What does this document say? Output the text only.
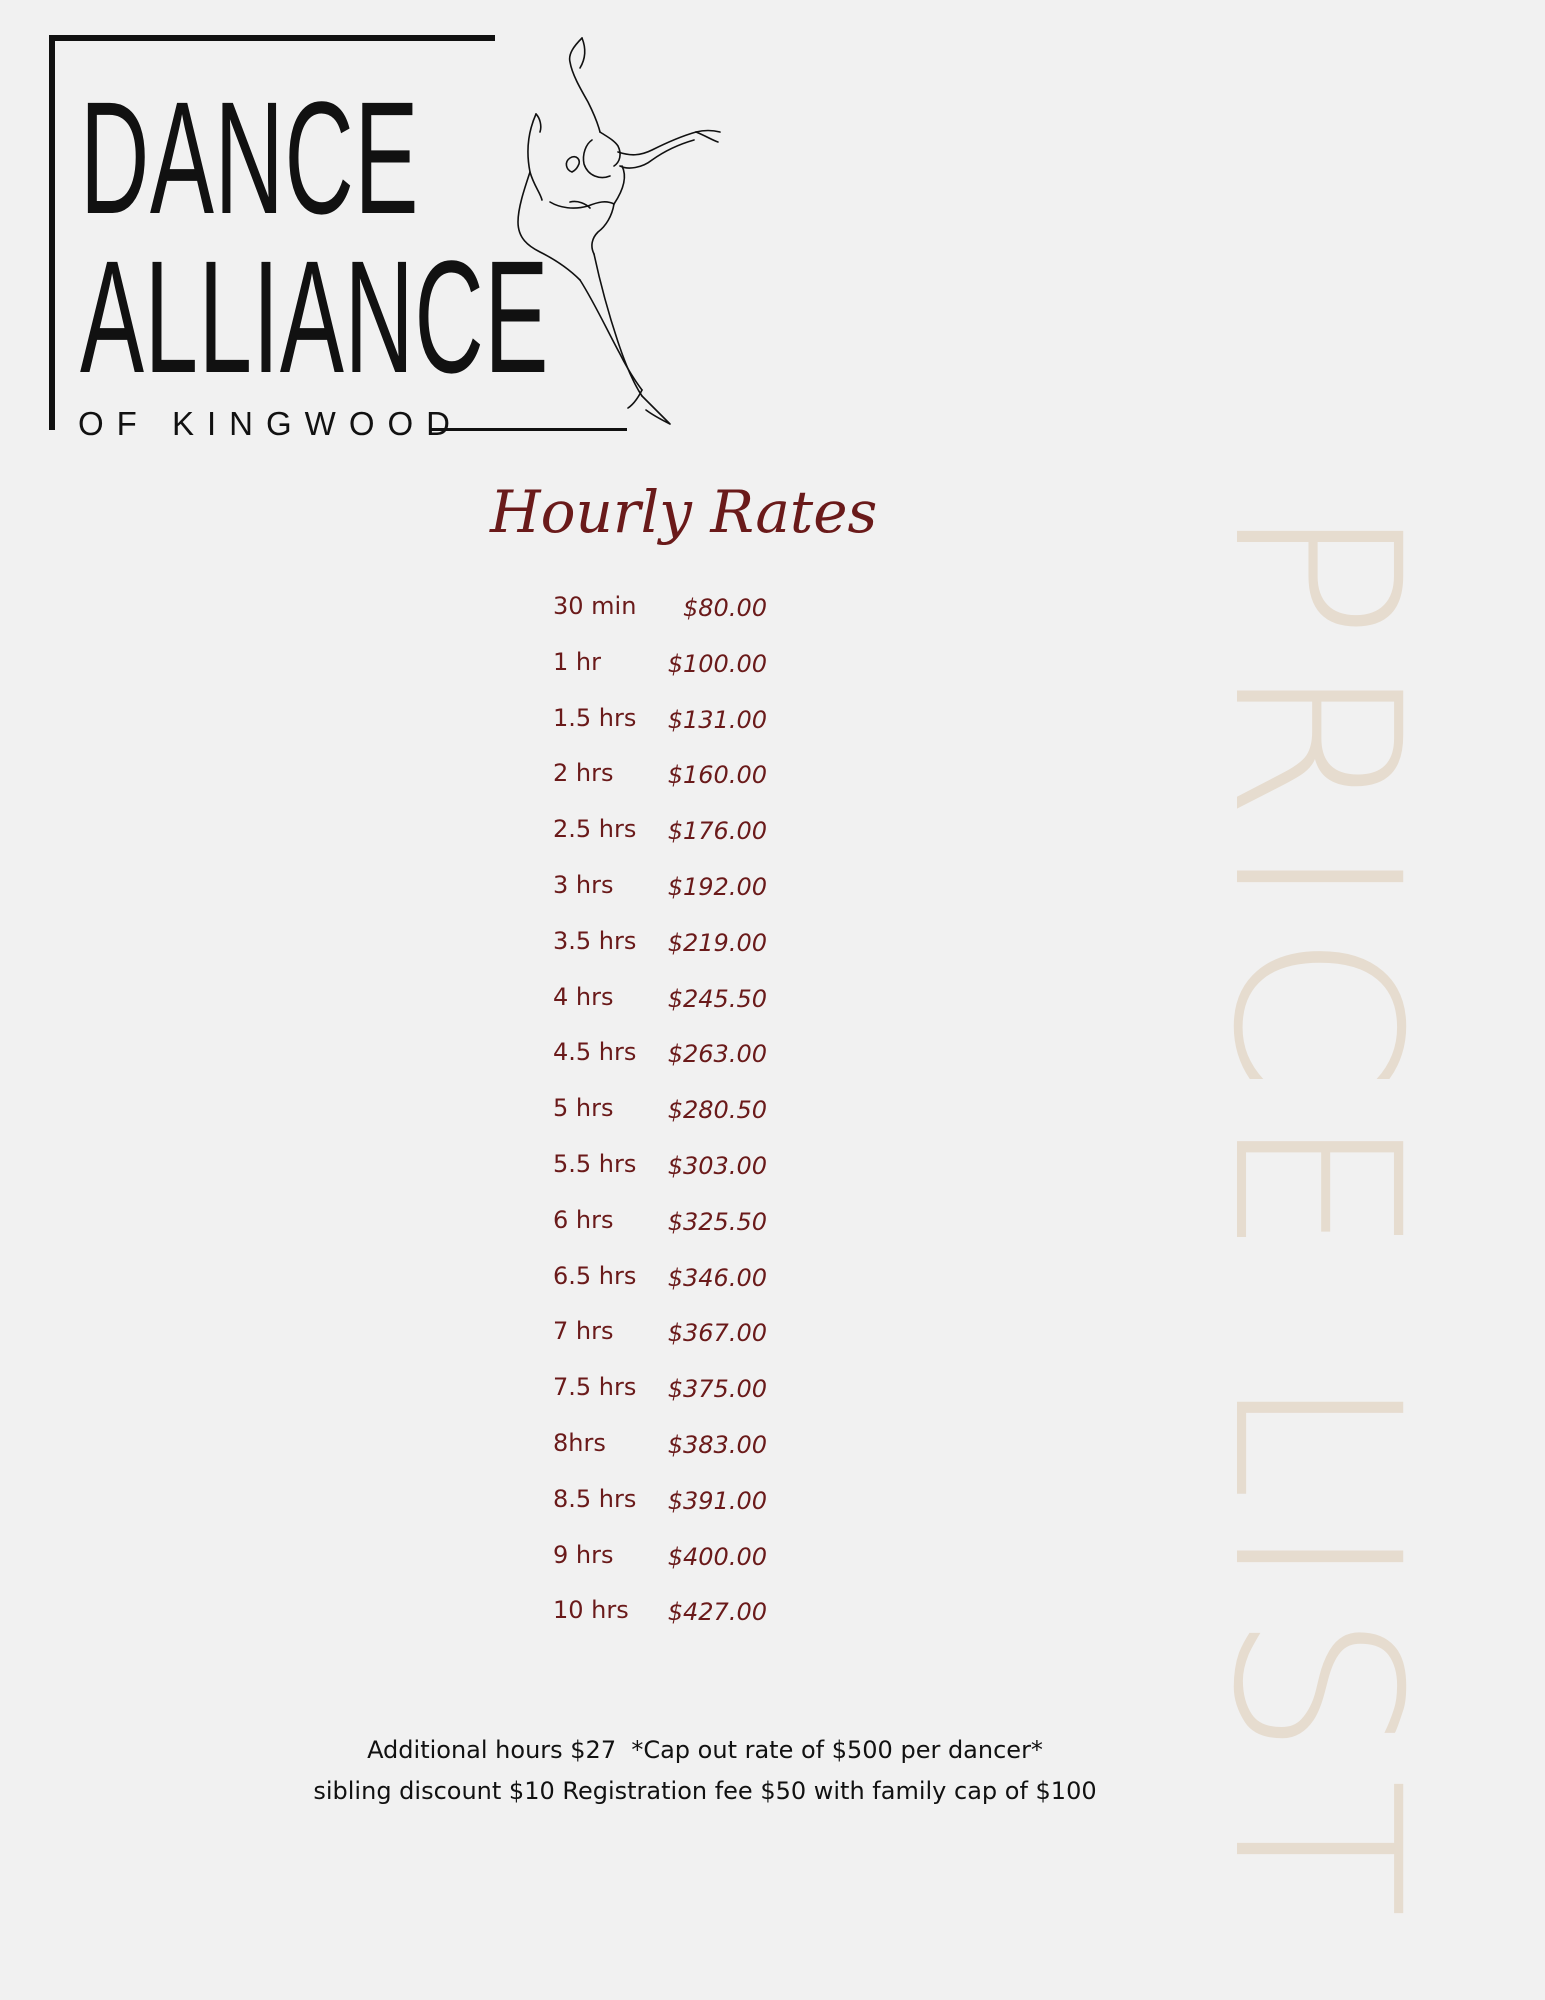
DANCE
ALLIANCE
OF KINGWOOD
PRICE LIST
Hourly Rates
30 min $80.00
1 hr	$100.00
1.5 hrs $131.00
2 hrs $160.00
2.5 hrs $176.00
3 hrs $192.00
3.5 hrs $219.00
4 hrs $245.50
4.5 hrs $263.00
5 hrs $280.50
5.5 hrs $303.00
6 hrs $325.50
6.5 hrs $346.00
7 hrs $367.00
7.5 hrs $375.00
8hrs	$383.00
8.5 hrs $391.00
9 hrs $400.00
10 hrs $427.00
Additional hours $27  *Cap out rate of $500 per dancer*
sibling discount $10 Registration fee $50 with family cap of $100
